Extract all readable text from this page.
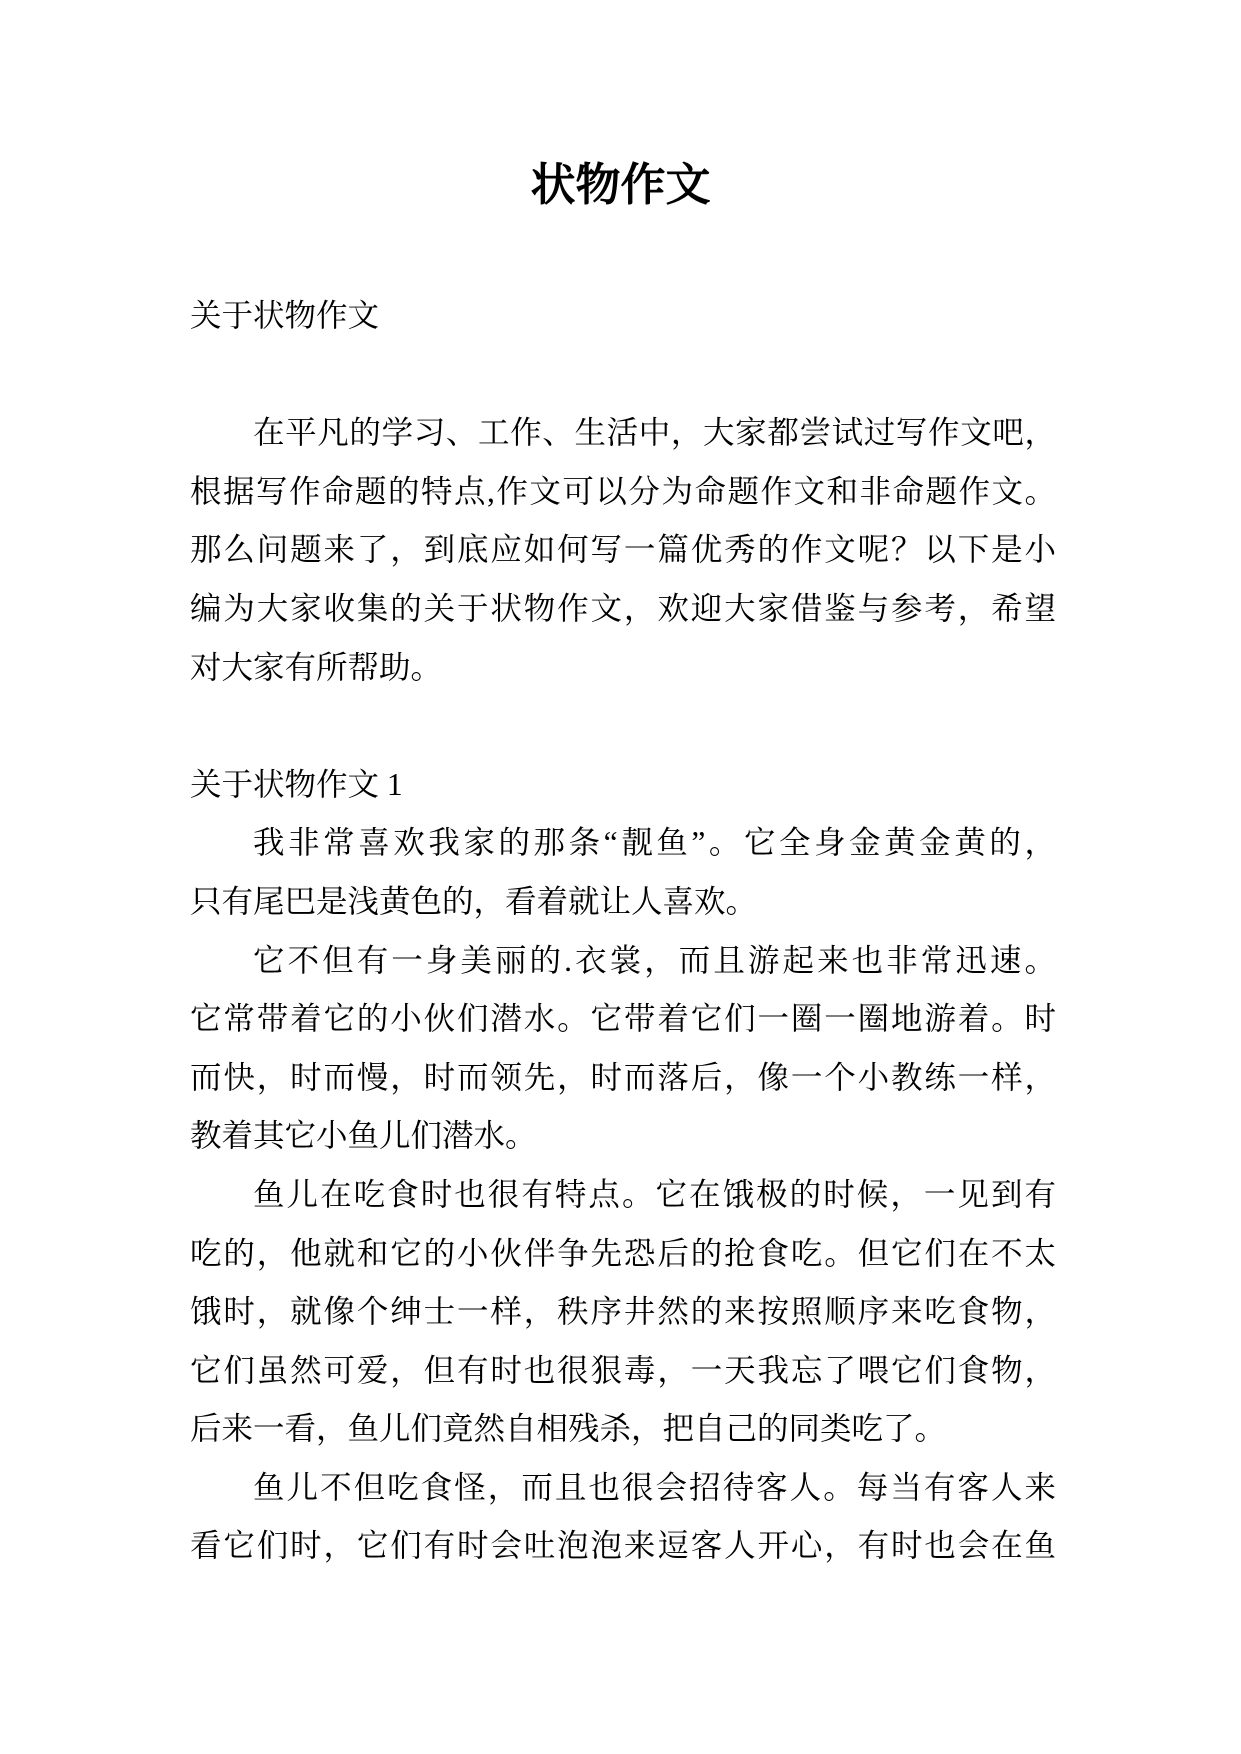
状物作文
关于状物作文
在平凡的学习、工作、生活中，大家都尝试过写作文吧，
根据写作命题的特点,作文可以分为命题作文和非命题作文。
那么问题来了，到底应如何写一篇优秀的作文呢？以下是小
编为大家收集的关于状物作文，欢迎大家借鉴与参考，希望
对大家有所帮助。
关于状物作文 1
我非常喜欢我家的那条“靓鱼”。它全身金黄金黄的，
只有尾巴是浅黄色的，看着就让人喜欢。
它不但有一身美丽的.衣裳，而且游起来也非常迅速。
它常带着它的小伙们潜水。它带着它们一圈一圈地游着。时
而快，时而慢，时而领先，时而落后，像一个小教练一样，
教着其它小鱼儿们潜水。
鱼儿在吃食时也很有特点。它在饿极的时候，一见到有
吃的，他就和它的小伙伴争先恐后的抢食吃。但它们在不太
饿时，就像个绅士一样，秩序井然的来按照顺序来吃食物，
它们虽然可爱，但有时也很狠毒，一天我忘了喂它们食物，
后来一看，鱼儿们竟然自相残杀，把自己的同类吃了。
鱼儿不但吃食怪，而且也很会招待客人。每当有客人来
看它们时，它们有时会吐泡泡来逗客人开心，有时也会在鱼
